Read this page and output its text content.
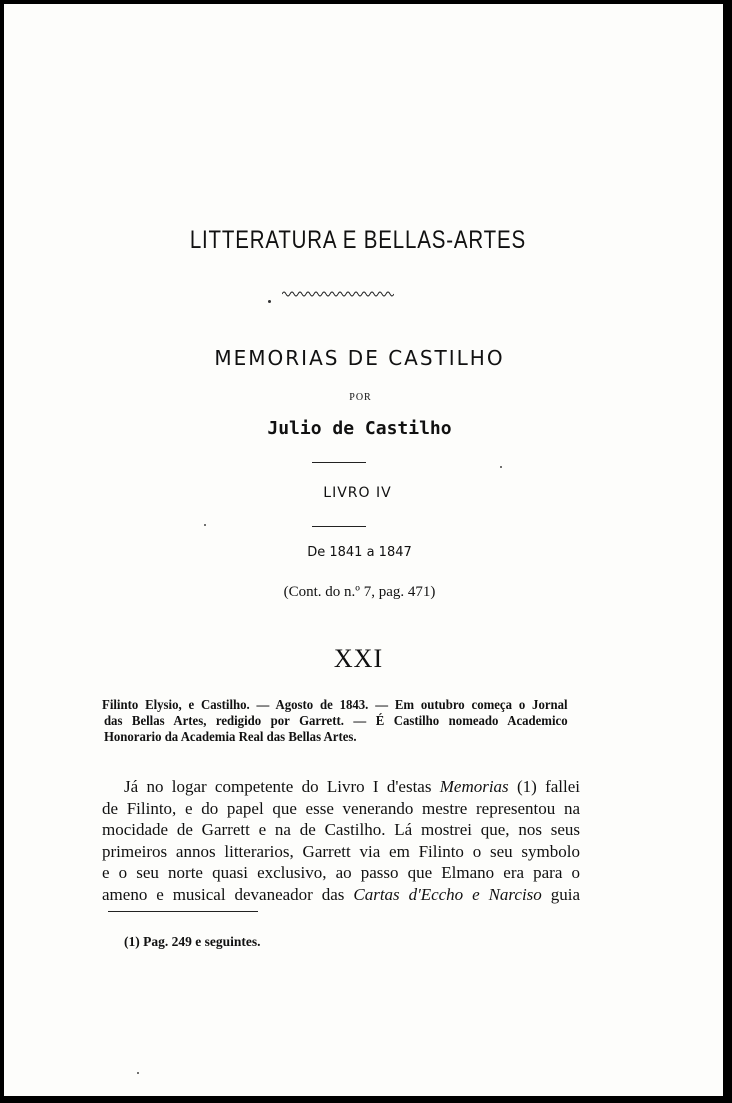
LITTERATURA E BELLAS-ARTES
MEMORIAS DE CASTILHO
POR
Julio de Castilho
LIVRO IV
De 1841 a 1847
(Cont. do n.º 7, pag. 471)
XXI
Filinto Elysio, e Castilho. — Agosto de 1843. — Em outubro começa o Jornal
das Bellas Artes, redigido por Garrett. — É Castilho nomeado Academico
Honorario da Academia Real das Bellas Artes.
Já no logar competente do Livro I d'estas Memorias (1) fallei
de Filinto, e do papel que esse venerando mestre representou na
mocidade de Garrett e na de Castilho. Lá mostrei que, nos seus
primeiros annos litterarios, Garrett via em Filinto o seu symbolo
e o seu norte quasi exclusivo, ao passo que Elmano era para o
ameno e musical devaneador das Cartas d'Eccho e Narciso guia
(1) Pag. 249 e seguintes.
